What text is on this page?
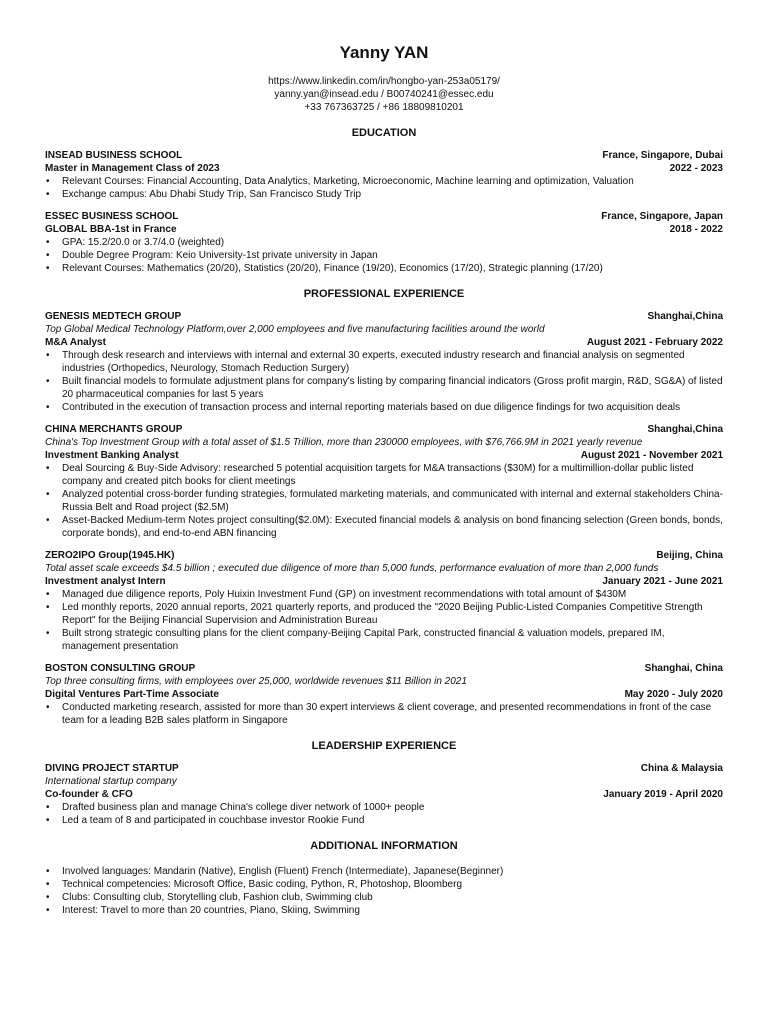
Yanny YAN
https://www.linkedin.com/in/hongbo-yan-253a05179/
yanny.yan@insead.edu / B00740241@essec.edu
+33 767363725 / +86 18809810201
EDUCATION
INSEAD BUSINESS SCHOOL	France, Singapore, Dubai
Master in Management Class of 2023	2022 - 2023
• Relevant Courses: Financial Accounting, Data Analytics, Marketing, Microeconomic, Machine learning and optimization, Valuation
• Exchange campus: Abu Dhabi Study Trip, San Francisco Study Trip
ESSEC BUSINESS SCHOOL	France, Singapore, Japan
GLOBAL BBA-1st in France	2018 - 2022
• GPA: 15.2/20.0 or 3.7/4.0 (weighted)
• Double Degree Program: Keio University-1st private university in Japan
• Relevant Courses: Mathematics (20/20), Statistics (20/20), Finance (19/20), Economics (17/20), Strategic planning (17/20)
PROFESSIONAL EXPERIENCE
GENESIS MEDTECH GROUP	Shanghai,China
Top Global Medical Technology Platform,over 2,000 employees and five manufacturing facilities around the world
M&A Analyst	August 2021 - February 2022
• Through desk research and interviews with internal and external 30 experts, executed industry research and financial analysis on segmented industries (Orthopedics, Neurology, Stomach Reduction Surgery)
• Built financial models to formulate adjustment plans for company's listing by comparing financial indicators (Gross profit margin, R&D, SG&A) of listed 20 pharmaceutical companies for last 5 years
• Contributed in the execution of transaction process and internal reporting materials based on due diligence findings for two acquisition deals
CHINA MERCHANTS GROUP	Shanghai,China
China's Top Investment Group with a total asset of $1.5 Trillion, more than 230000 employees, with $76,766.9M in 2021 yearly revenue
Investment Banking Analyst	August 2021 - November 2021
• Deal Sourcing & Buy-Side Advisory: researched 5 potential acquisition targets for M&A transactions ($30M) for a multimillion-dollar public listed company and created pitch books for client meetings
• Analyzed potential cross-border funding strategies, formulated marketing materials, and communicated with internal and external stakeholders China-Russia Belt and Road project ($2.5M)
• Asset-Backed Medium-term Notes project consulting($2.0M): Executed financial models & analysis on bond financing selection (Green bonds, bonds, corporate bonds), and end-to-end ABN financing
ZERO2IPO Group(1945.HK)	Beijing, China
Total asset scale exceeds $4.5 billion ; executed due diligence of more than 5,000 funds, performance evaluation of more than 2,000 funds
Investment analyst Intern	January 2021 - June 2021
• Managed due diligence reports, Poly Huixin Investment Fund (GP) on investment recommendations with total amount of $430M
• Led monthly reports, 2020 annual reports, 2021 quarterly reports, and produced the "2020 Beijing Public-Listed Companies Competitive Strength Report" for the Beijing Financial Supervision and Administration Bureau
• Built strong strategic consulting plans for the client company-Beijing Capital Park, constructed financial & valuation models, prepared IM, management presentation
BOSTON CONSULTING GROUP	Shanghai, China
Top three consulting firms, with employees over 25,000, worldwide revenues $11 Billion in 2021
Digital Ventures Part-Time Associate	May 2020 - July 2020
• Conducted marketing research, assisted for more than 30 expert interviews & client coverage, and presented recommendations in front of the case team for a leading B2B sales platform in Singapore
LEADERSHIP EXPERIENCE
DIVING PROJECT STARTUP	China & Malaysia
International startup company
Co-founder & CFO	January 2019 - April 2020
• Drafted business plan and manage China's college diver network of 1000+ people
• Led a team of 8 and participated in couchbase investor Rookie Fund
ADDITIONAL INFORMATION
• Involved languages: Mandarin (Native), English (Fluent) French (Intermediate), Japanese(Beginner)
• Technical competencies: Microsoft Office, Basic coding, Python, R, Photoshop, Bloomberg
• Clubs: Consulting club, Storytelling club, Fashion club, Swimming club
• Interest: Travel to more than 20 countries, Piano, Skiing, Swimming
